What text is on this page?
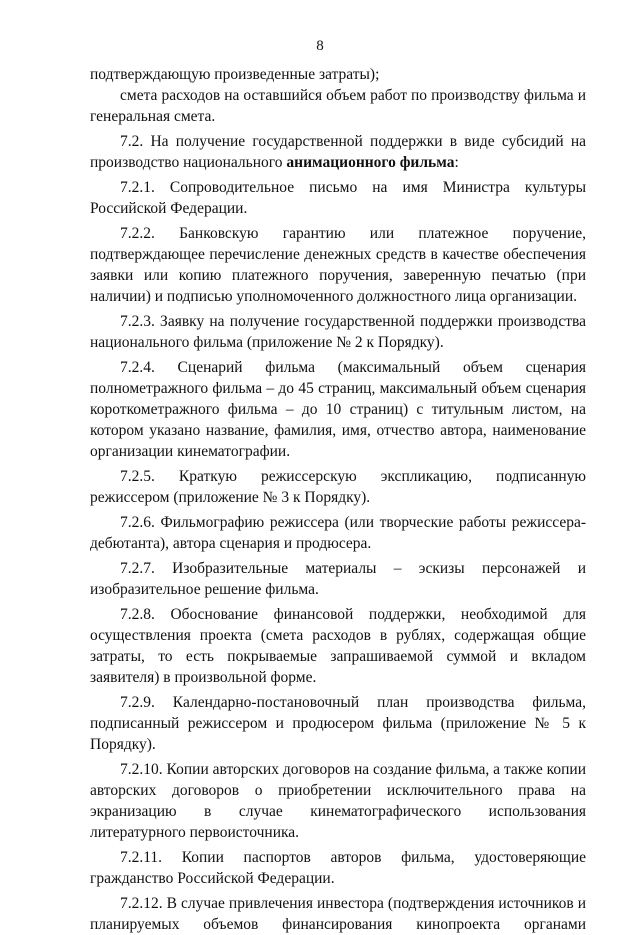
8

подтверждающую произведенные затраты);

смета расходов на оставшийся объем работ по производству фильма и генеральная смета.

7.2. На получение государственной поддержки в виде субсидий на производство национального анимационного фильма:

7.2.1. Сопроводительное письмо на имя Министра культуры Российской Федерации.

7.2.2. Банковскую гарантию или платежное поручение, подтверждающее перечисление денежных средств в качестве обеспечения заявки или копию платежного поручения, заверенную печатью (при наличии) и подписью уполномоченного должностного лица организации.

7.2.3. Заявку на получение государственной поддержки производства национального фильма (приложение № 2 к Порядку).

7.2.4. Сценарий фильма (максимальный объем сценария полнометражного фильма – до 45 страниц, максимальный объем сценария короткометражного фильма – до 10 страниц) с титульным листом, на котором указано название, фамилия, имя, отчество автора, наименование организации кинематографии.

7.2.5. Краткую режиссерскую экспликацию, подписанную режиссером (приложение № 3 к Порядку).

7.2.6. Фильмографию режиссера (или творческие работы режиссера-дебютанта), автора сценария и продюсера.

7.2.7. Изобразительные материалы – эскизы персонажей и изобразительное решение фильма.

7.2.8. Обоснование финансовой поддержки, необходимой для осуществления проекта (смета расходов в рублях, содержащая общие затраты, то есть покрываемые запрашиваемой суммой и вкладом заявителя) в произвольной форме.

7.2.9. Календарно-постановочный план производства фильма, подписанный режиссером и продюсером фильма (приложение № 5 к Порядку).

7.2.10. Копии авторских договоров на создание фильма, а также копии авторских договоров о приобретении исключительного права на экранизацию в случае кинематографического использования литературного первоисточника.

7.2.11. Копии паспортов авторов фильма, удостоверяющие гражданство Российской Федерации.

7.2.12. В случае привлечения инвестора (подтверждения источников и планируемых объемов финансирования кинопроекта органами
